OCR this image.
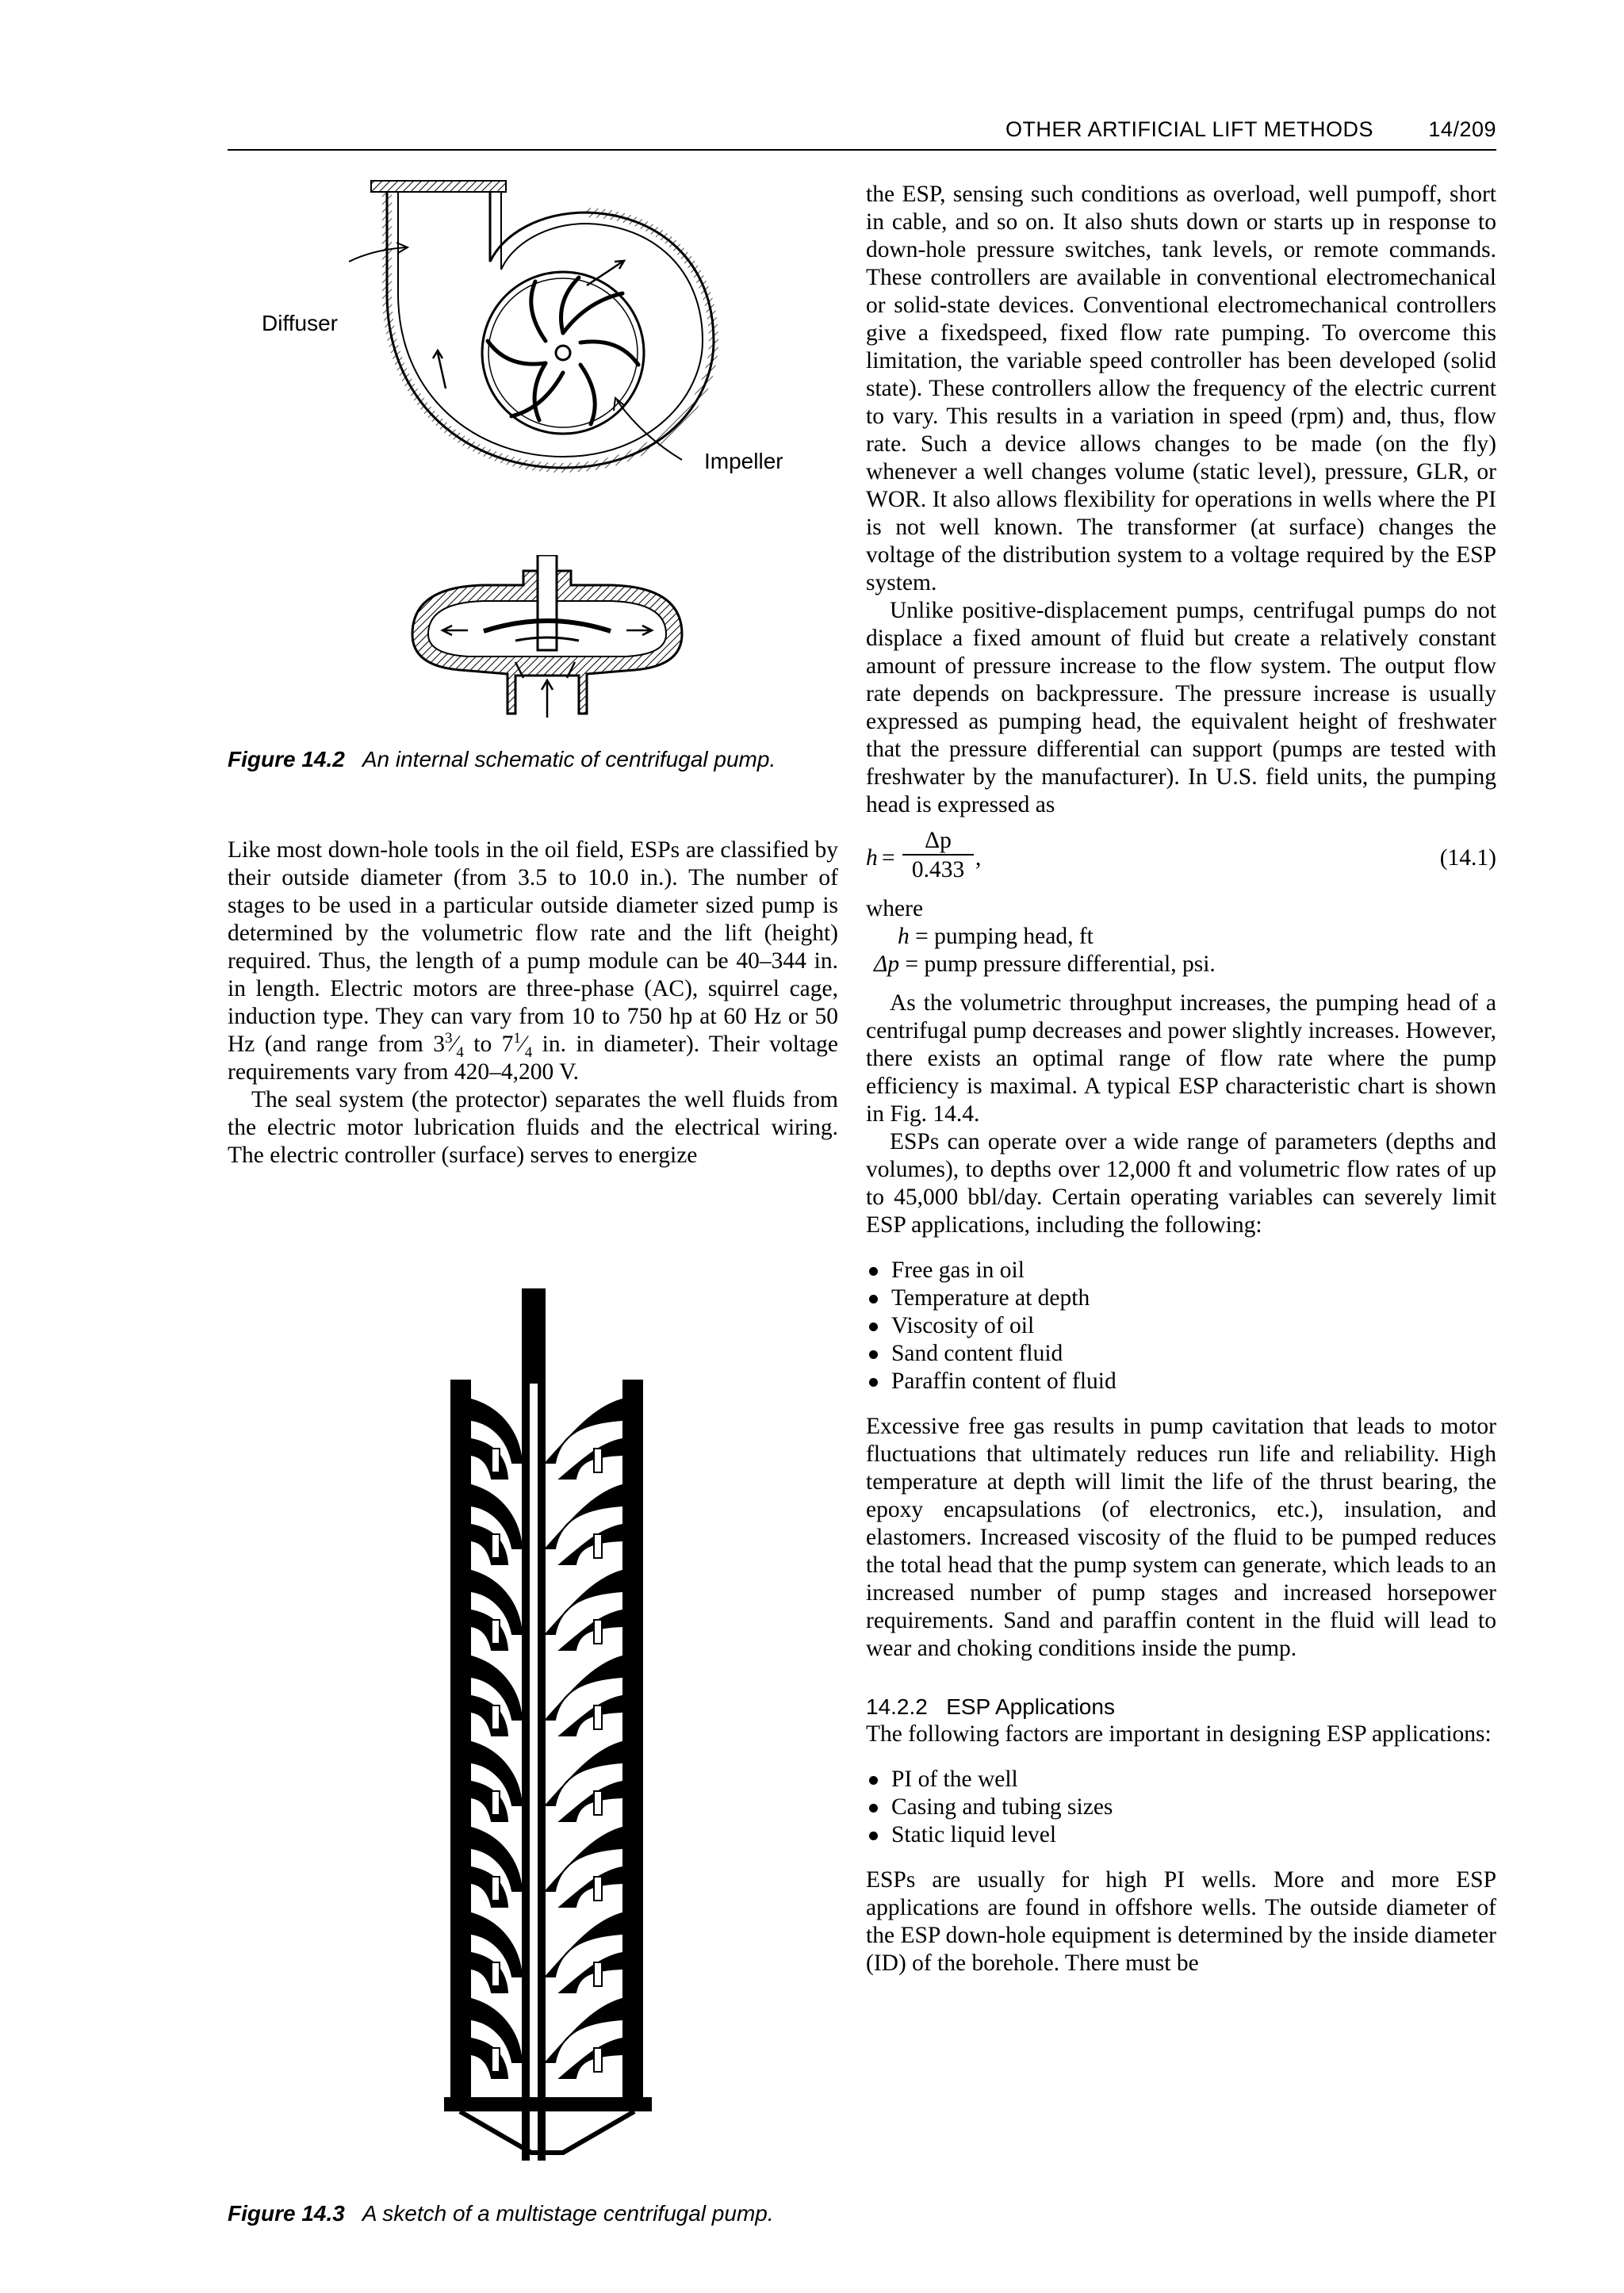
OTHER ARTIFICIAL LIFT METHODS	14/209
Diffuser
Impeller
Figure 14.2 An internal schematic of centrifugal pump.

Like most down-hole tools in the oil field, ESPs are classified by their outside diameter (from 3.5 to 10.0 in.). The number of stages to be used in a particular outside diameter sized pump is determined by the volumetric flow rate and the lift (height) required. Thus, the length of a pump module can be 40–344 in. in length. Electric motors are three-phase (AC), squirrel cage, induction type. They can vary from 10 to 750 hp at 60 Hz or 50 Hz (and range from $3^3⁄_4$ to $7^1⁄_4$ in. in diameter). Their voltage requirements vary from 420–4,200 V.

The seal system (the protector) separates the well fluids from the electric motor lubrication fluids and the electrical wiring. The electric controller (surface) serves to energize

Figure 14.3 A sketch of a multistage centrifugal pump.

the ESP, sensing such conditions as overload, well pumpoff, short in cable, and so on. It also shuts down or starts up in response to down-hole pressure switches, tank levels, or remote commands. These controllers are available in conventional electromechanical or solid-state devices. Conventional electromechanical controllers give a fixedspeed, fixed flow rate pumping. To overcome this limitation, the variable speed controller has been developed (solid state). These controllers allow the frequency of the electric current to vary. This results in a variation in speed (rpm) and, thus, flow rate. Such a device allows changes to be made (on the fly) whenever a well changes volume (static level), pressure, GLR, or WOR. It also allows flexibility for operations in wells where the PI is not well known. The transformer (at surface) changes the voltage of the distribution system to a voltage required by the ESP system.

Unlike positive-displacement pumps, centrifugal pumps do not displace a fixed amount of fluid but create a relatively constant amount of pressure increase to the flow system. The output flow rate depends on backpressure. The pressure increase is usually expressed as pumping head, the equivalent height of freshwater that the pressure differential can support (pumps are tested with freshwater by the manufacturer). In U.S. field units, the pumping head is expressed as

$h = \frac{\Delta p}{0.433}$ ,	(14.1)

where

h = pumping head, ft

Δp = pump pressure differential, psi.

As the volumetric throughput increases, the pumping head of a centrifugal pump decreases and power slightly increases. However, there exists an optimal range of flow rate where the pump efficiency is maximal. A typical ESP characteristic chart is shown in Fig. 14.4.

ESPs can operate over a wide range of parameters (depths and volumes), to depths over 12,000 ft and volumetric flow rates of up to 45,000 bbl/day. Certain operating variables can severely limit ESP applications, including the following:

Free gas in oil
Temperature at depth
Viscosity of oil
Sand content fluid
Paraffin content of fluid

Excessive free gas results in pump cavitation that leads to motor fluctuations that ultimately reduces run life and reliability. High temperature at depth will limit the life of the thrust bearing, the epoxy encapsulations (of electronics, etc.), insulation, and elastomers. Increased viscosity of the fluid to be pumped reduces the total head that the pump system can generate, which leads to an increased number of pump stages and increased horsepower requirements. Sand and paraffin content in the fluid will lead to wear and choking conditions inside the pump.

14.2.2 ESP Applications

The following factors are important in designing ESP applications:

PI of the well
Casing and tubing sizes
Static liquid level

ESPs are usually for high PI wells. More and more ESP applications are found in offshore wells. The outside diameter of the ESP down-hole equipment is determined by the inside diameter (ID) of the borehole. There must be
